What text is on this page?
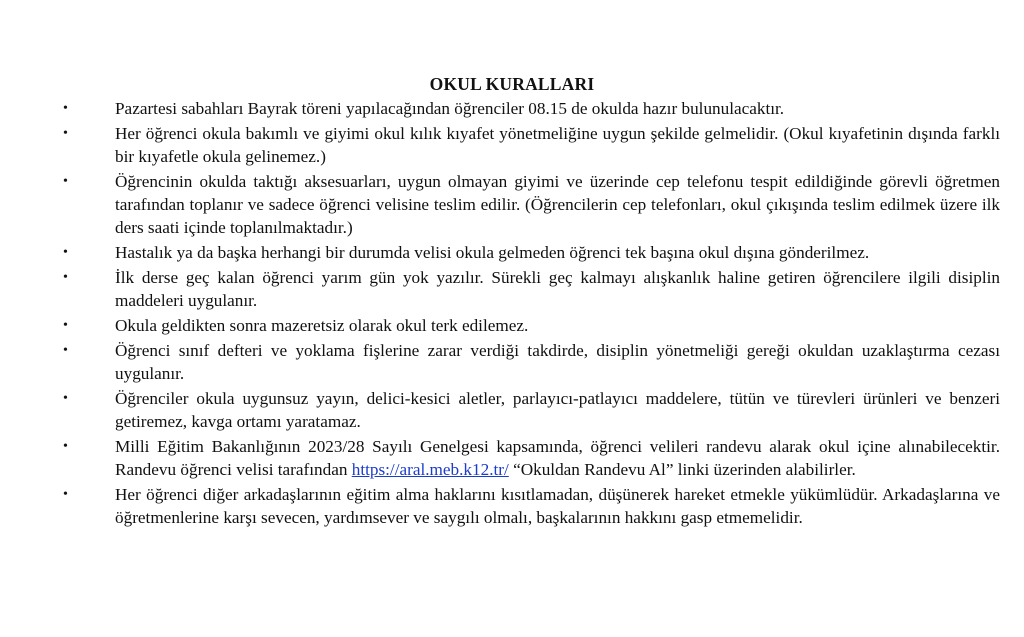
OKUL KURALLARI
•	Pazartesi sabahları Bayrak töreni yapılacağından öğrenciler 08.15 de okulda hazır bulunulacaktır.
•	Her öğrenci okula bakımlı ve giyimi okul kılık kıyafet yönetmeliğine uygun şekilde gelmelidir. (Okul kıyafetinin dışında farklı bir kıyafetle okula gelinemez.)
•	Öğrencinin okulda taktığı aksesuarları, uygun olmayan giyimi ve üzerinde cep telefonu tespit edildiğinde görevli öğretmen tarafından toplanır ve sadece öğrenci velisine teslim edilir. (Öğrencilerin cep telefonları, okul çıkışında teslim edilmek üzere ilk ders saati içinde toplanılmaktadır.)
•	Hastalık ya da başka herhangi bir durumda velisi okula gelmeden öğrenci tek başına okul dışına gönderilmez.
•	İlk derse geç kalan öğrenci yarım gün yok yazılır. Sürekli geç kalmayı alışkanlık haline getiren öğrencilere ilgili disiplin maddeleri uygulanır.
•	Okula geldikten sonra mazeretsiz olarak okul terk edilemez.
•	Öğrenci sınıf defteri ve yoklama fişlerine zarar verdiği takdirde, disiplin yönetmeliği gereği okuldan uzaklaştırma cezası uygulanır.
•	Öğrenciler okula uygunsuz yayın, delici-kesici aletler, parlayıcı-patlayıcı maddelere, tütün ve türevleri ürünleri ve benzeri getiremez, kavga ortamı yaratamaz.
•	Milli Eğitim Bakanlığının 2023/28 Sayılı Genelgesi kapsamında, öğrenci velileri randevu alarak okul içine alınabilecektir. Randevu öğrenci velisi tarafından https://aral.meb.k12.tr/ “Okuldan Randevu Al” linki üzerinden alabilirler.
•	Her öğrenci diğer arkadaşlarının eğitim alma haklarını kısıtlamadan, düşünerek hareket etmekle yükümlüdür. Arkadaşlarına ve öğretmenlerine karşı sevecen, yardımsever ve saygılı olmalı, başkalarının hakkını gasp etmemelidir.
